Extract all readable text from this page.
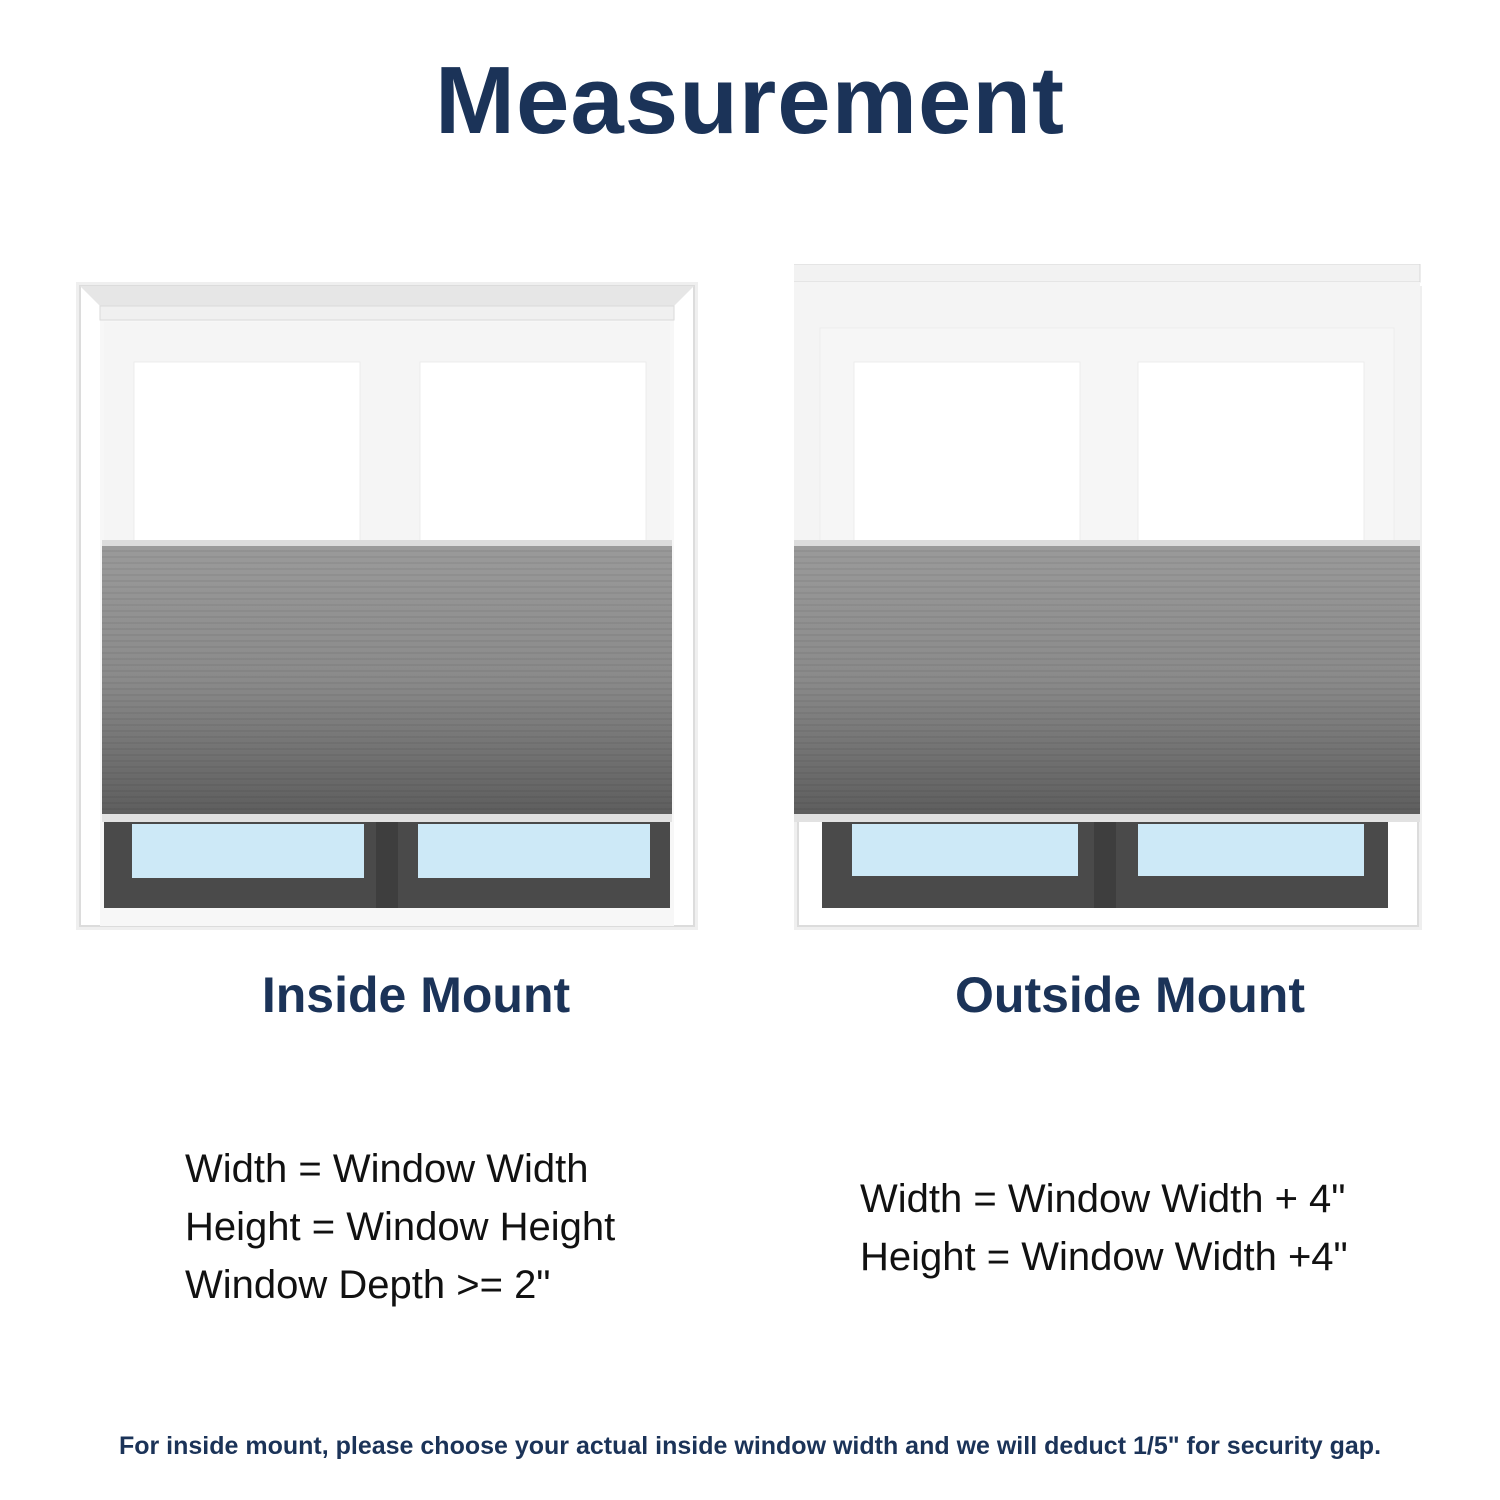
Measurement
Inside Mount	Outside Mount
Width = Window Width
Height = Window Height
Window Depth >= 2"
Width = Window Width + 4"
Height = Window Width +4"
For inside mount, please choose your actual inside window width and we will deduct 1/5" for security gap.
